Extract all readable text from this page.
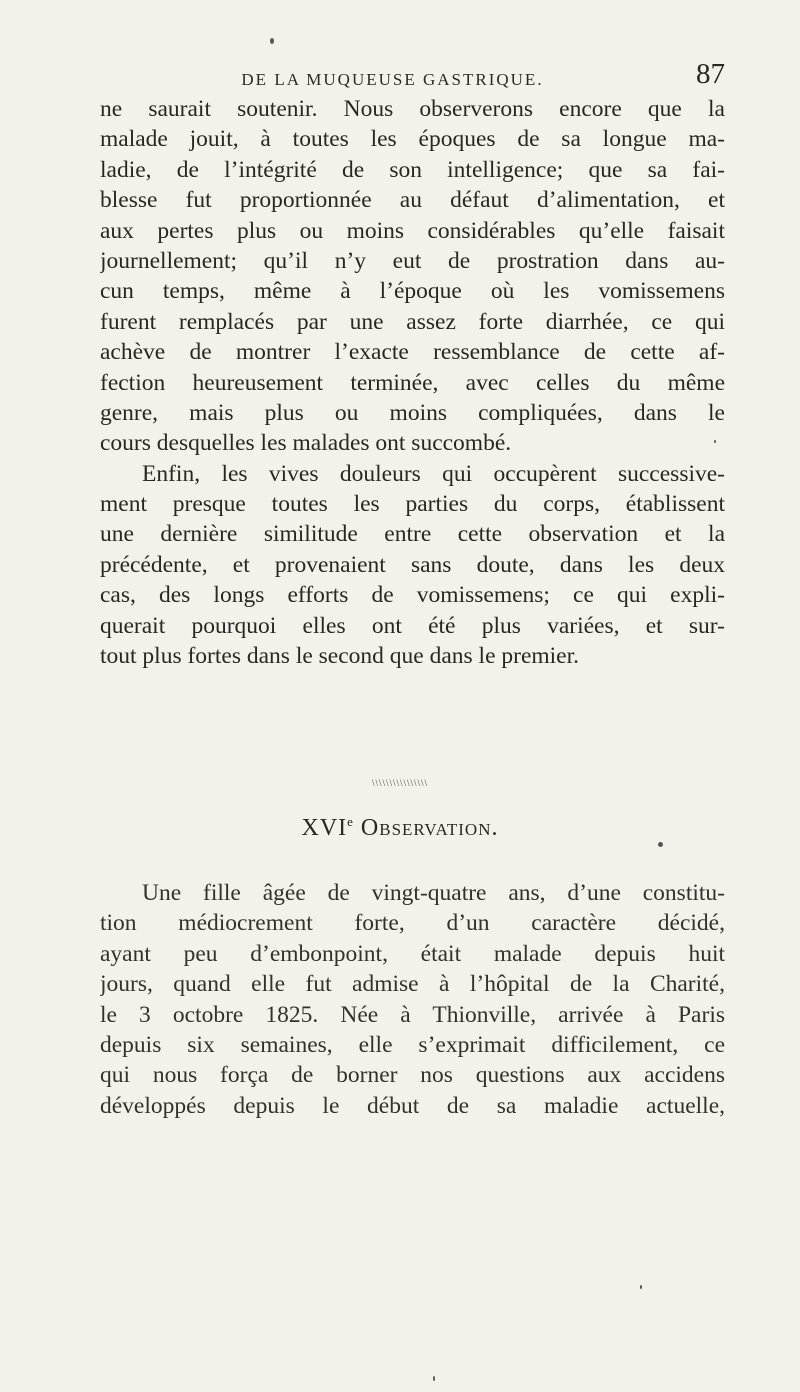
DE LA MUQUEUSE GASTRIQUE.	87
ne saurait soutenir. Nous observerons encore que la
malade jouit, à toutes les époques de sa longue ma-
ladie, de l’intégrité de son intelligence; que sa fai-
blesse fut proportionnée au défaut d’alimentation, et
aux pertes plus ou moins considérables qu’elle faisait
journellement; qu’il n’y eut de prostration dans au-
cun temps, même à l’époque où les vomissemens
furent remplacés par une assez forte diarrhée, ce qui
achève de montrer l’exacte ressemblance de cette af-
fection heureusement terminée, avec celles du même
genre, mais plus ou moins compliquées, dans le
cours desquelles les malades ont succombé.
Enfin, les vives douleurs qui occupèrent successive-
ment presque toutes les parties du corps, établissent
une dernière similitude entre cette observation et la
précédente, et provenaient sans doute, dans les deux
cas, des longs efforts de vomissemens; ce qui expli-
querait pourquoi elles ont été plus variées, et sur-
tout plus fortes dans le second que dans le premier.
\\\\\\\\\\\\\\\\
XVIe Observation.
Une fille âgée de vingt-quatre ans, d’une constitu-
tion médiocrement forte, d’un caractère décidé,
ayant peu d’embonpoint, était malade depuis huit
jours, quand elle fut admise à l’hôpital de la Charité,
le 3 octobre 1825. Née à Thionville, arrivée à Paris
depuis six semaines, elle s’exprimait difficilement, ce
qui nous força de borner nos questions aux accidens
développés depuis le début de sa maladie actuelle,
